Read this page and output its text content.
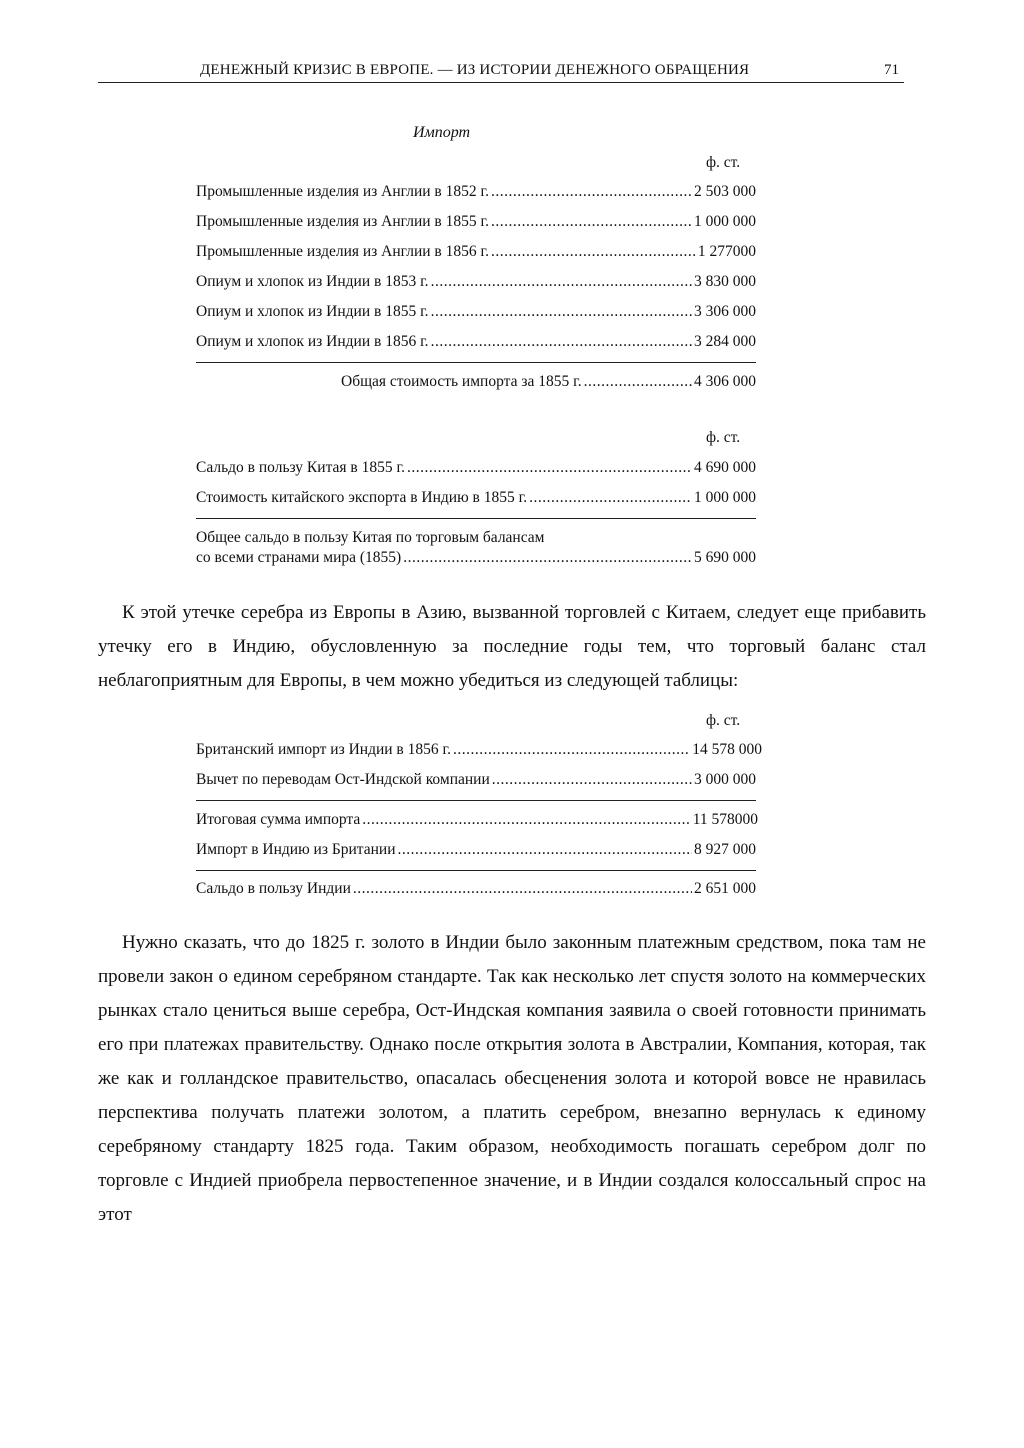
ДЕНЕЖНЫЙ КРИЗИС В ЕВРОПЕ. — ИЗ ИСТОРИИ ДЕНЕЖНОГО ОБРАЩЕНИЯ	71
Импорт
ф. ст.
Промышленные изделия из Англии в 1852 г. .....	2 503 000
Промышленные изделия из Англии в 1855 г. .....	1 000 000
Промышленные изделия из Англии в 1856 г. .....	1 277000
Опиум и хлопок из Индии в 1853 г. .....	3 830 000
Опиум и хлопок из Индии в 1855 г. .....	3 306 000
Опиум и хлопок из Индии в 1856 г. .....	3 284 000
Общая стоимость импорта за 1855 г. .....	4 306 000
ф. ст.
Сальдо в пользу Китая в 1855 г. .....	4 690 000
Стоимость китайского экспорта в Индию в 1855 г. .....	1 000 000
Общее сальдо в пользу Китая по торговым балансам
со всеми странами мира (1855) .....	5 690 000
К этой утечке серебра из Европы в Азию, вызванной торговлей с Китаем, следует еще прибавить утечку его в Индию, обусловленную за последние годы тем, что торговый баланс стал неблагоприятным для Европы, в чем можно убедиться из следующей таблицы:
ф. ст.
Британский импорт из Индии в 1856 г. .....	14 578 000
Вычет по переводам Ост-Индской компании .....	3 000 000
Итоговая сумма импорта .....	11 578000
Импорт в Индию из Британии .....	8 927 000
Сальдо в пользу Индии .....	2 651 000
Нужно сказать, что до 1825 г. золото в Индии было законным платежным средством, пока там не провели закон о едином серебряном стандарте. Так как несколько лет спустя золото на коммерческих рынках стало цениться выше серебра, Ост-Индская компания заявила о своей готовности принимать его при платежах правительству. Однако после открытия золота в Австралии, Компания, которая, так же как и голландское правительство, опасалась обесценения золота и которой вовсе не нравилась перспектива получать платежи золотом, а платить серебром, внезапно вернулась к единому серебряному стандарту 1825 года. Таким образом, необходимость погашать серебром долг по торговле с Индией приобрела первостепенное значение, и в Индии создался колоссальный спрос на этот
